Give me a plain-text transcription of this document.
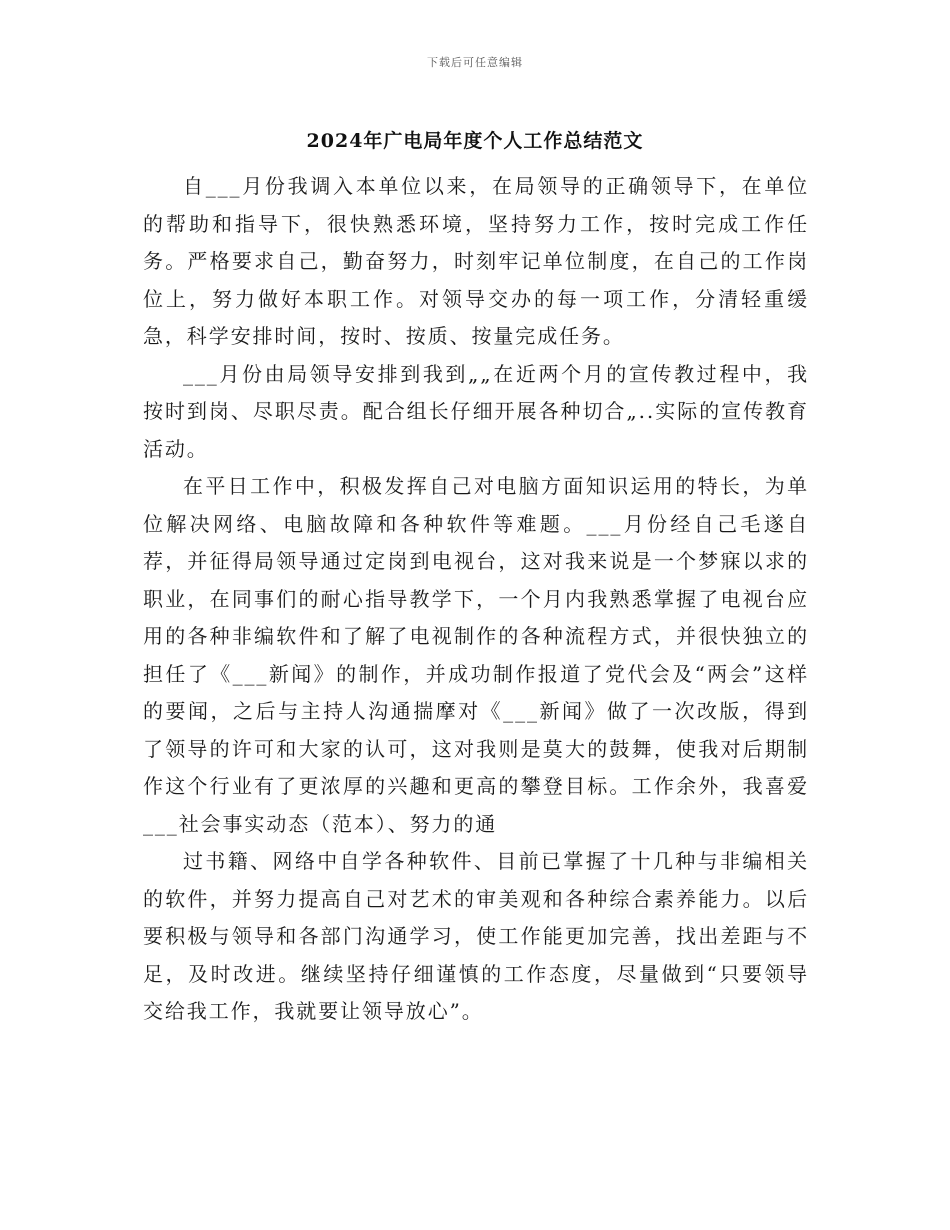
下载后可任意编辑
2024年广电局年度个人工作总结范文

自___月份我调入本单位以来，在局领导的正确领导下，在单位的帮助和指导下，很快熟悉环境，坚持努力工作，按时完成工作任务。严格要求自己，勤奋努力，时刻牢记单位制度，在自己的工作岗位上，努力做好本职工作。对领导交办的每一项工作，分清轻重缓急，科学安排时间，按时、按质、按量完成任务。

___月份由局领导安排到我到„„在近两个月的宣传教过程中，我按时到岗、尽职尽责。配合组长仔细开展各种切合„..实际的宣传教育活动。

在平日工作中，积极发挥自己对电脑方面知识运用的特长，为单位解决网络、电脑故障和各种软件等难题。___月份经自己毛遂自荐，并征得局领导通过定岗到电视台，这对我来说是一个梦寐以求的职业，在同事们的耐心指导教学下，一个月内我熟悉掌握了电视台应用的各种非编软件和了解了电视制作的各种流程方式，并很快独立的担任了《___新闻》的制作，并成功制作报道了党代会及“两会”这样的要闻，之后与主持人沟通揣摩对《___新闻》做了一次改版，得到了领导的许可和大家的认可，这对我则是莫大的鼓舞，使我对后期制作这个行业有了更浓厚的兴趣和更高的攀登目标。工作余外，我喜爱___社会事实动态（范本）、努力的通

过书籍、网络中自学各种软件、目前已掌握了十几种与非编相关的软件，并努力提高自己对艺术的审美观和各种综合素养能力。以后要积极与领导和各部门沟通学习，使工作能更加完善，找出差距与不足，及时改进。继续坚持仔细谨慎的工作态度，尽量做到“只要领导交给我工作，我就要让领导放心”。
